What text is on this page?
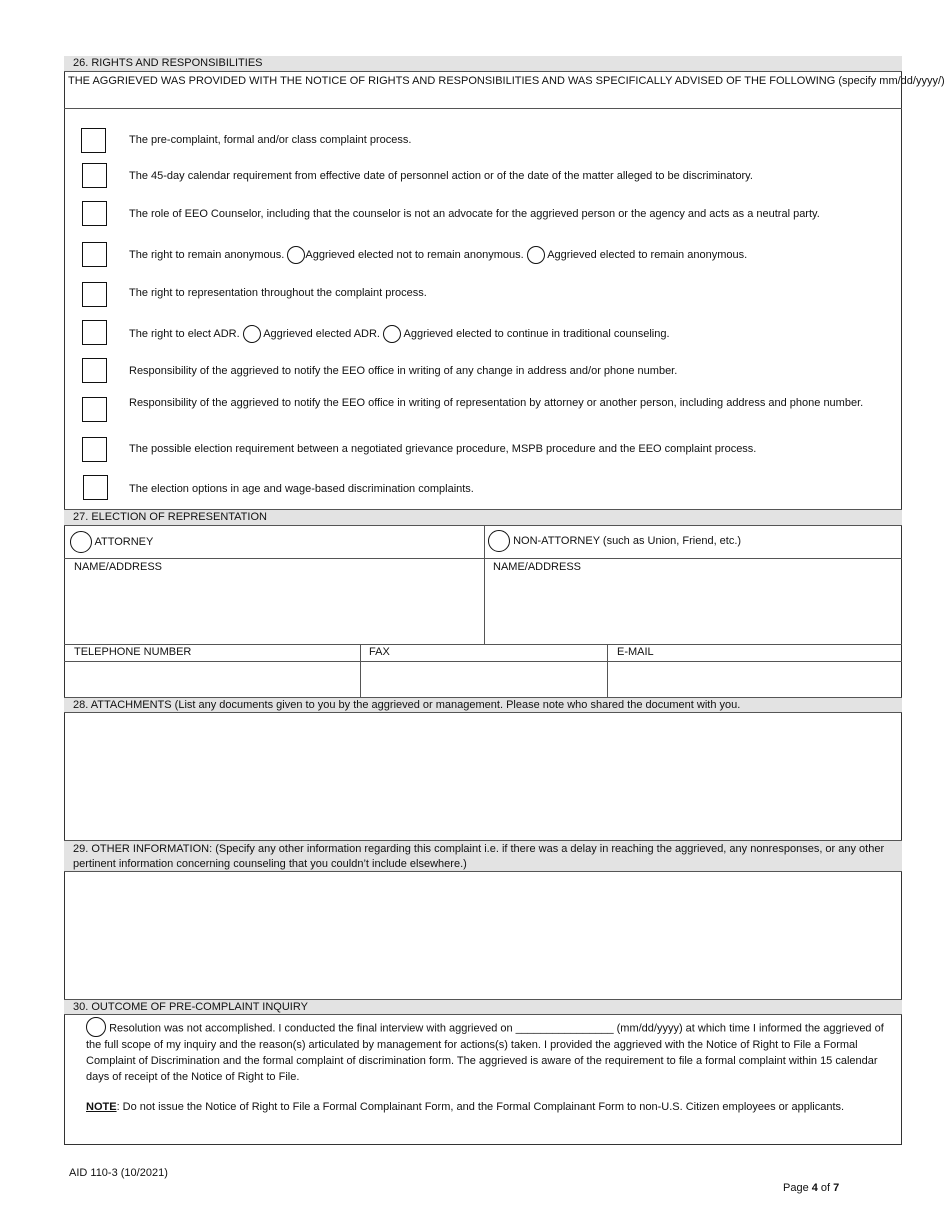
26. RIGHTS AND RESPONSIBILITIES
THE AGGRIEVED WAS PROVIDED WITH THE NOTICE OF RIGHTS AND RESPONSIBILITIES AND WAS SPECIFICALLY ADVISED OF THE FOLLOWING (specify mm/dd/yyyy/)
The pre-complaint, formal and/or class complaint process.
The 45-day calendar requirement from effective date of personnel action or of the date of the matter alleged to be discriminatory.
The role of EEO Counselor, including that the counselor is not an advocate for the aggrieved person or the agency and acts as a neutral party.
The right to remain anonymous. Aggrieved elected not to remain anonymous. Aggrieved elected to remain anonymous.
The right to representation throughout the complaint process.
The right to elect ADR. Aggrieved elected ADR. Aggrieved elected to continue in traditional counseling.
Responsibility of the aggrieved to notify the EEO office in writing of any change in address and/or phone number.
Responsibility of the aggrieved to notify the EEO office in writing of representation by attorney or another person, including address and phone number.
The possible election requirement between a negotiated grievance procedure, MSPB procedure and the EEO complaint process.
The election options in age and wage-based discrimination complaints.
27. ELECTION OF REPRESENTATION
ATTORNEY	NON-ATTORNEY (such as Union, Friend, etc.)
NAME/ADDRESS	NAME/ADDRESS
TELEPHONE NUMBER	FAX	E-MAIL
28. ATTACHMENTS (List any documents given to you by the aggrieved or management. Please note who shared the document with you.
29. OTHER INFORMATION: (Specify any other information regarding this complaint i.e. if there was a delay in reaching the aggrieved, any nonresponses, or any other pertinent information concerning counseling that you couldn’t include elsewhere.)
30. OUTCOME OF PRE-COMPLAINT INQUIRY
Resolution was not accomplished. I conducted the final interview with aggrieved on ________________ (mm/dd/yyyy) at which time I informed the aggrieved of the full scope of my inquiry and the reason(s) articulated by management for actions(s) taken. I provided the aggrieved with the Notice of Right to File a Formal Complaint of Discrimination and the formal complaint of discrimination form. The aggrieved is aware of the requirement to file a formal complaint within 15 calendar days of receipt of the Notice of Right to File.
NOTE: Do not issue the Notice of Right to File a Formal Complainant Form, and the Formal Complainant Form to non-U.S. Citizen employees or applicants.
AID 110-3 (10/2021)
Page 4 of 7
